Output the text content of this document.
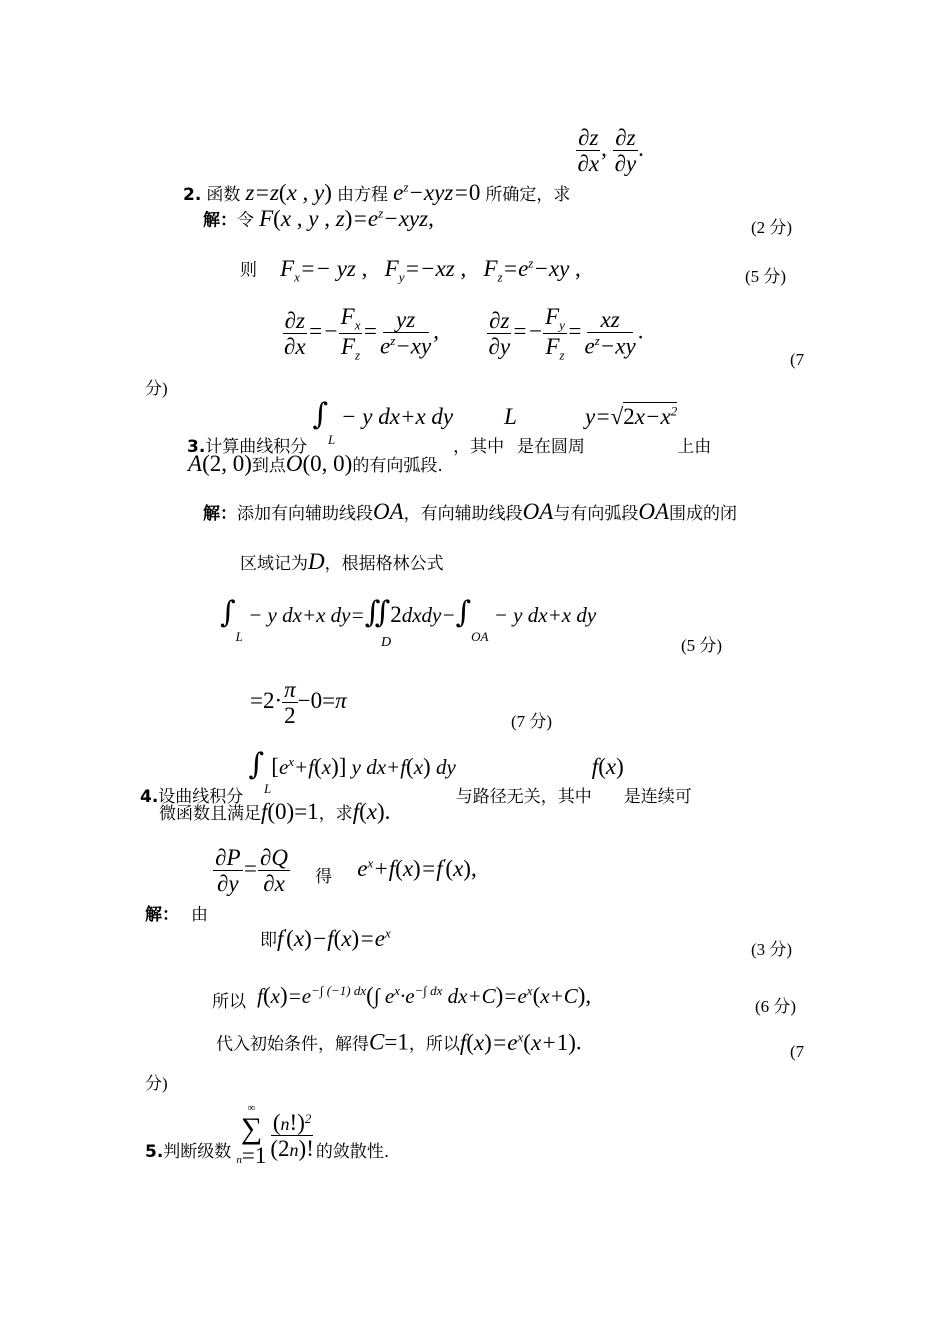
2. 函数 z=z(x , y) 由方程 $e^z-xyz=0$ 所确定，求
$\frac{\partial z}{\partial x}$ , $\frac{\partial z}{\partial y}$ .
解：令 F(x , y , $z)=e^z-xyz$,	(2 分)
则 $F_x=-$ yz ,   $F_y=-xz$ ,   $F_z=e^z-xy$ ,	(5 分)
$\frac{\partial z}{\partial x} =- \frac{F_x}{F_z} = \frac{yz}{e^z-xy}$ , $\frac{\partial z}{\partial y} =- \frac{F_y}{F_z} = \frac{xz}{e^z-xy}$ .
(7
分)
3.计算曲线积分 $\int_L - y$ dx+x dy，其中L是在圆周$y=√2x-x^2$上由
A(2, 0)到点O(0, 0)的有向弧段.
解：添加有向辅助线段OA，有向辅助线段OA与有向弧段OA围成的闭
区域记为D，根据格林公式
$\int_L - y$ dx+x $dy=∬2dxdy-\int_{OA} - y$ dx+x dy
D	(5 分)
$=2\cdot \frac{\pi}{2} -0=\pi$
(7 分)
4.设曲线积分 $\int_L[e^x+f(x)]$ y dx+f(x) dy与路径无关，其中f(x)是连续可
微函数且满足f(0)=1，求f(x).
解： 由
$\frac{\partial P}{\partial y} = \frac{\partial Q}{\partial x}$ 得 $e^x+f(x)=f'(x)$,
即$f'(x)-f(x)=e^x$
(3 分)
所以 $f(x)=e^{-\int (-1) dx}(\int$ $e^x\cdot e^{-\int dx}$ $dx+C)=e^x(x+C)$,	(6 分)
代入初始条件，解得C=1，所以$f(x)=e^x(x+1)$.	(7
分)
5.判断级数
∞
∑
$n=1 \frac{(n!)^2}{(2n)!}$ 的敛散性.
